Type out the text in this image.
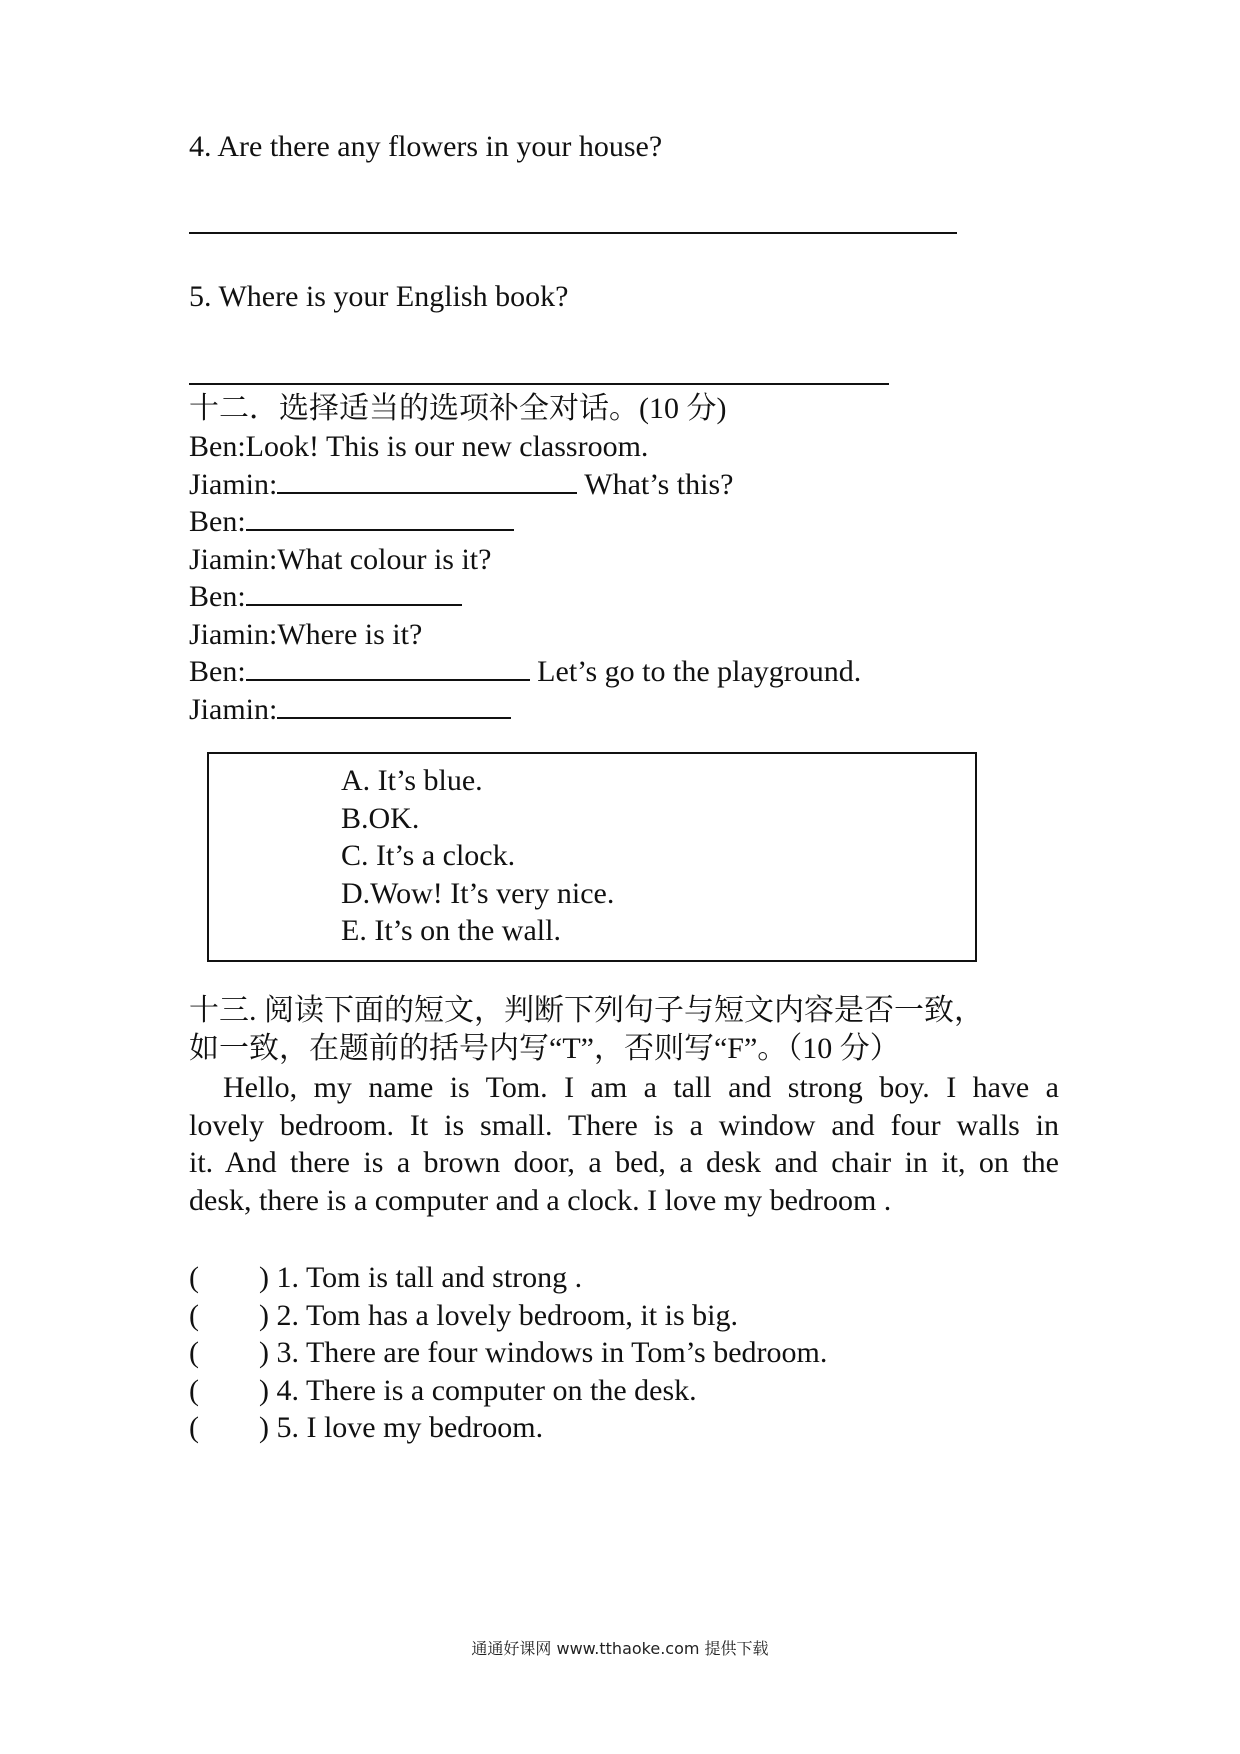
4. Are there any flowers in your house?
5. Where is your English book?
十二．选择适当的选项补全对话。(10 分)
Ben:Look! This is our new classroom.
Jiamin:	What’s this?
Ben:
Jiamin:What colour is it?
Ben:
Jiamin:Where is it?
Ben:	Let’s go to the playground.
Jiamin:
A. It’s blue.
B.OK.
C. It’s a clock.
D.Wow! It’s very nice.
E. It’s on the wall.
十三. 阅读下面的短文，判断下列句子与短文内容是否一致，
如一致，在题前的括号内写“T”，否则写“F”。（10 分）
Hello, my name is Tom. I am a tall and strong boy. I have a
lovely bedroom. It is small. There is a window and four walls in
it. And there is a brown door, a bed, a desk and chair in it, on the
desk, there is a computer and a clock. I love my bedroom .
(        ) 1. Tom is tall and strong .
(        ) 2. Tom has a lovely bedroom, it is big.
(        ) 3. There are four windows in Tom’s bedroom.
(        ) 4. There is a computer on the desk.
(        ) 5. I love my bedroom.
通通好课网 www.tthaoke.com 提供下载
